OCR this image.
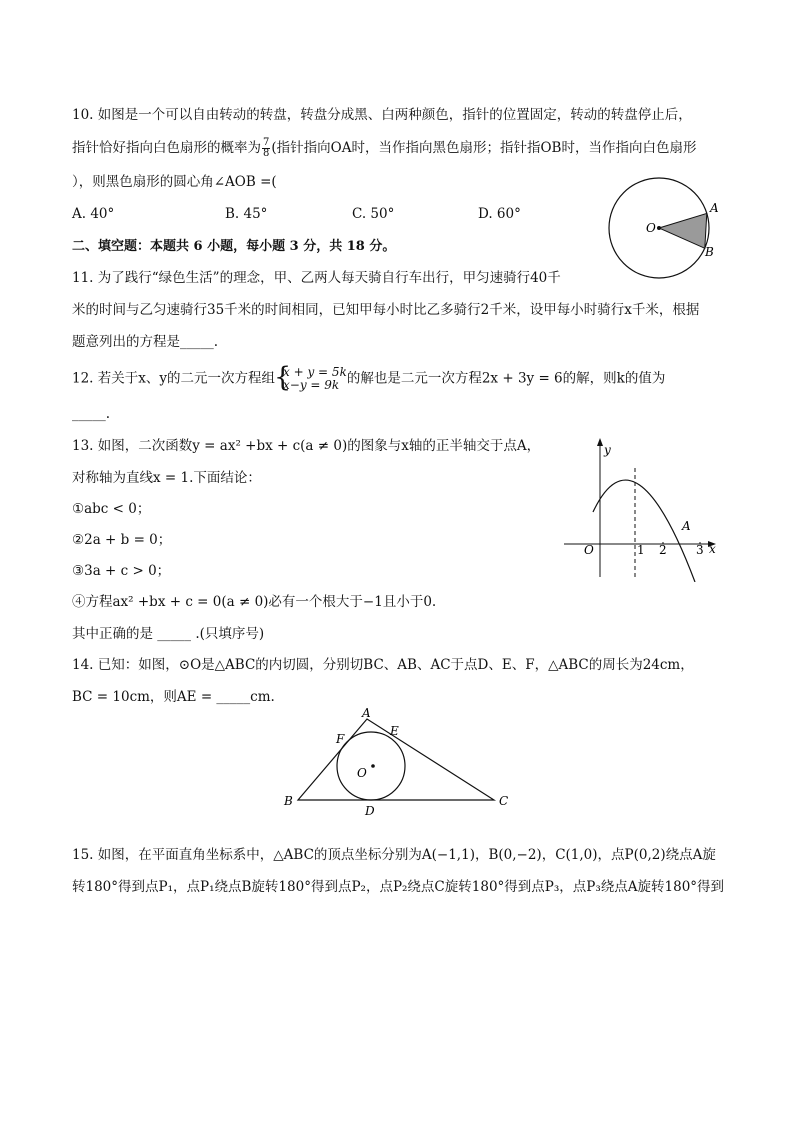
10. 如图是一个可以自由转动的转盘，转盘分成黑、白两种颜色，指针的位置固定，转动的转盘停止后，
指针恰好指向白色扇形的概率为 $\frac{7}{8}$ (指针指向OA时，当作指向黑色扇形；指针指OB时，当作指向白色扇形
），则黑色扇形的圆心角∠AOB =(
A. 40°	B. 45°	C. 50°	D. 60°
O
A
B
二、填空题：本题共 6 小题，每小题 3 分，共 18 分。
11. 为了践行“绿色生活”的理念，甲、乙两人每天骑自行车出行，甲匀速骑行40千
米的时间与乙匀速骑行35千米的时间相同，已知甲每小时比乙多骑行2千米，设甲每小时骑行x千米，根据
题意列出的方程是_____.
12. 若关于x、y的二元一次方程组
{ x + y = 5k
x−y = 9k 的解也是二元一次方程2x + 3y = 6的解，则k的值为
_____.
13. 如图，二次函数y = ax² +bx + c(a ≠ 0)的图象与x轴的正半轴交于点A，
对称轴为直线x = 1.下面结论：
①abc < 0；
②2a + b = 0；
③3a + c > 0；
④方程ax² +bx + c = 0(a ≠ 0)必有一个根大于−1且小于0.
其中正确的是 _____ .(只填序号)
x
y
O	1 2 3
A
14. 已知：如图，⊙O是△ABC的内切圆，分别切BC、AB、AC于点D、E、F，△ABC的周长为24cm，
BC = 10cm，则AE = _____cm.
A
B	C
D
E
F
O
15. 如图，在平面直角坐标系中，△ABC的顶点坐标分别为A(−1,1)，B(0,−2)，C(1,0)，点P(0,2)绕点A旋
转180°得到点P₁，点P₁绕点B旋转180°得到点P₂，点P₂绕点C旋转180°得到点P₃，点P₃绕点A旋转180°得到
